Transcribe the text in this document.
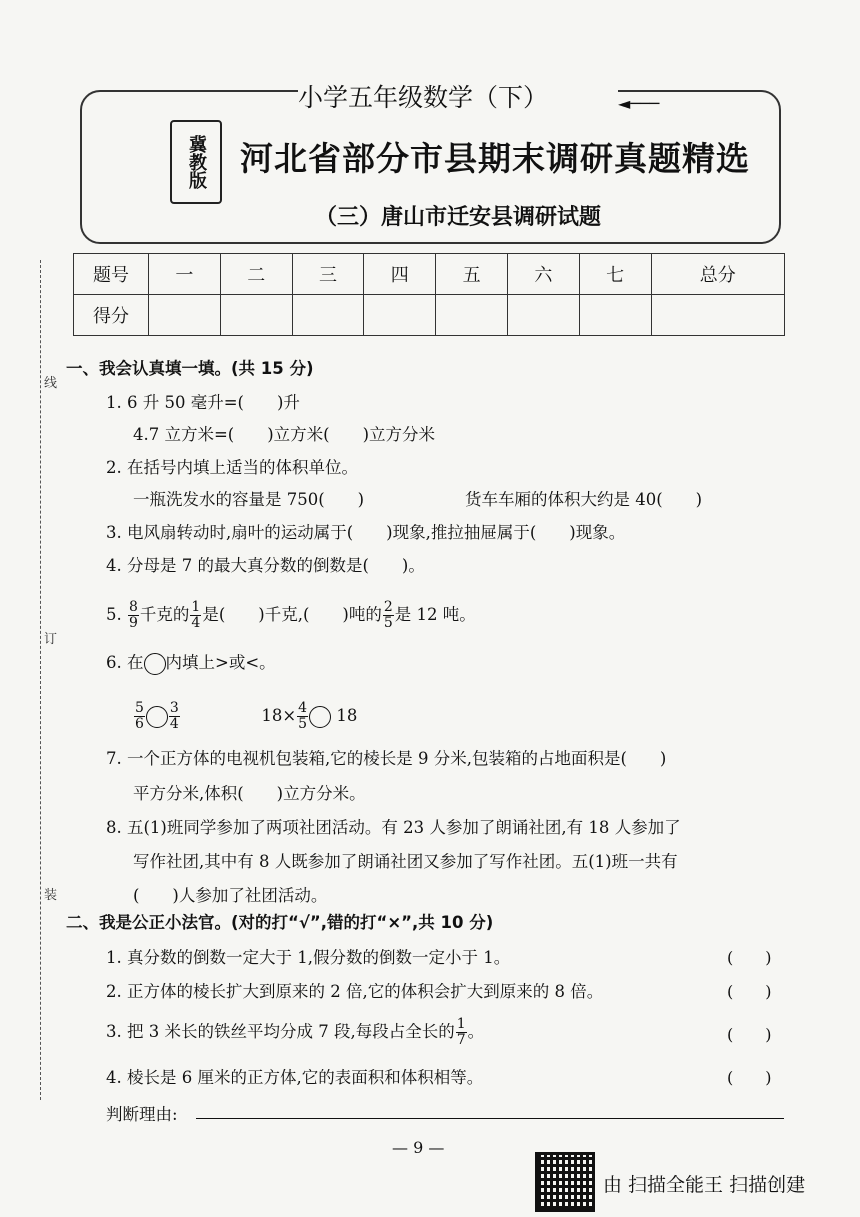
小学五年级数学（下）	◄───
冀教版	河北省部分市县期末调研真题精选
（三）唐山市迁安县调研试题
题号	一	二	三	四	五	六	七	总分
得分								
线
订
装
一、我会认真填一填。(共 15 分)
1. 6 升 50 毫升=(　　)升
4.7 立方米=(　　)立方米(　　)立方分米
2. 在括号内填上适当的体积单位。
一瓶洗发水的容量是 750(　　)	货车车厢的体积大约是 40(　　)
3. 电风扇转动时,扇叶的运动属于(　　)现象,推拉抽屉属于(　　)现象。
4. 分母是 7 的最大真分数的倒数是(　　)。
5. $\frac{8}{9}$ 千克的 $\frac{1}{4}$ 是(　　)千克,(　　)吨的 $\frac{2}{5}$ 是 12 吨。
6. 在 内填上>或<。
$\frac{5}{6} \frac{3}{4}$	$18\times \frac{4}{5} 18$
7. 一个正方体的电视机包装箱,它的棱长是 9 分米,包装箱的占地面积是(　　)
平方分米,体积(　　)立方分米。
8. 五(1)班同学参加了两项社团活动。有 23 人参加了朗诵社团,有 18 人参加了
写作社团,其中有 8 人既参加了朗诵社团又参加了写作社团。五(1)班一共有
(　　)人参加了社团活动。
二、我是公正小法官。(对的打“√”,错的打“×”,共 10 分)
1. 真分数的倒数一定大于 1,假分数的倒数一定小于 1。	(　　)
2. 正方体的棱长扩大到原来的 2 倍,它的体积会扩大到原来的 8 倍。	(　　)
3. 把 3 米长的铁丝平均分成 7 段,每段占全长的 $\frac{1}{7}$ 。	(　　)
4. 棱长是 6 厘米的正方体,它的表面积和体积相等。	(　　)
判断理由:
— 9 —
由 扫描全能王 扫描创建
